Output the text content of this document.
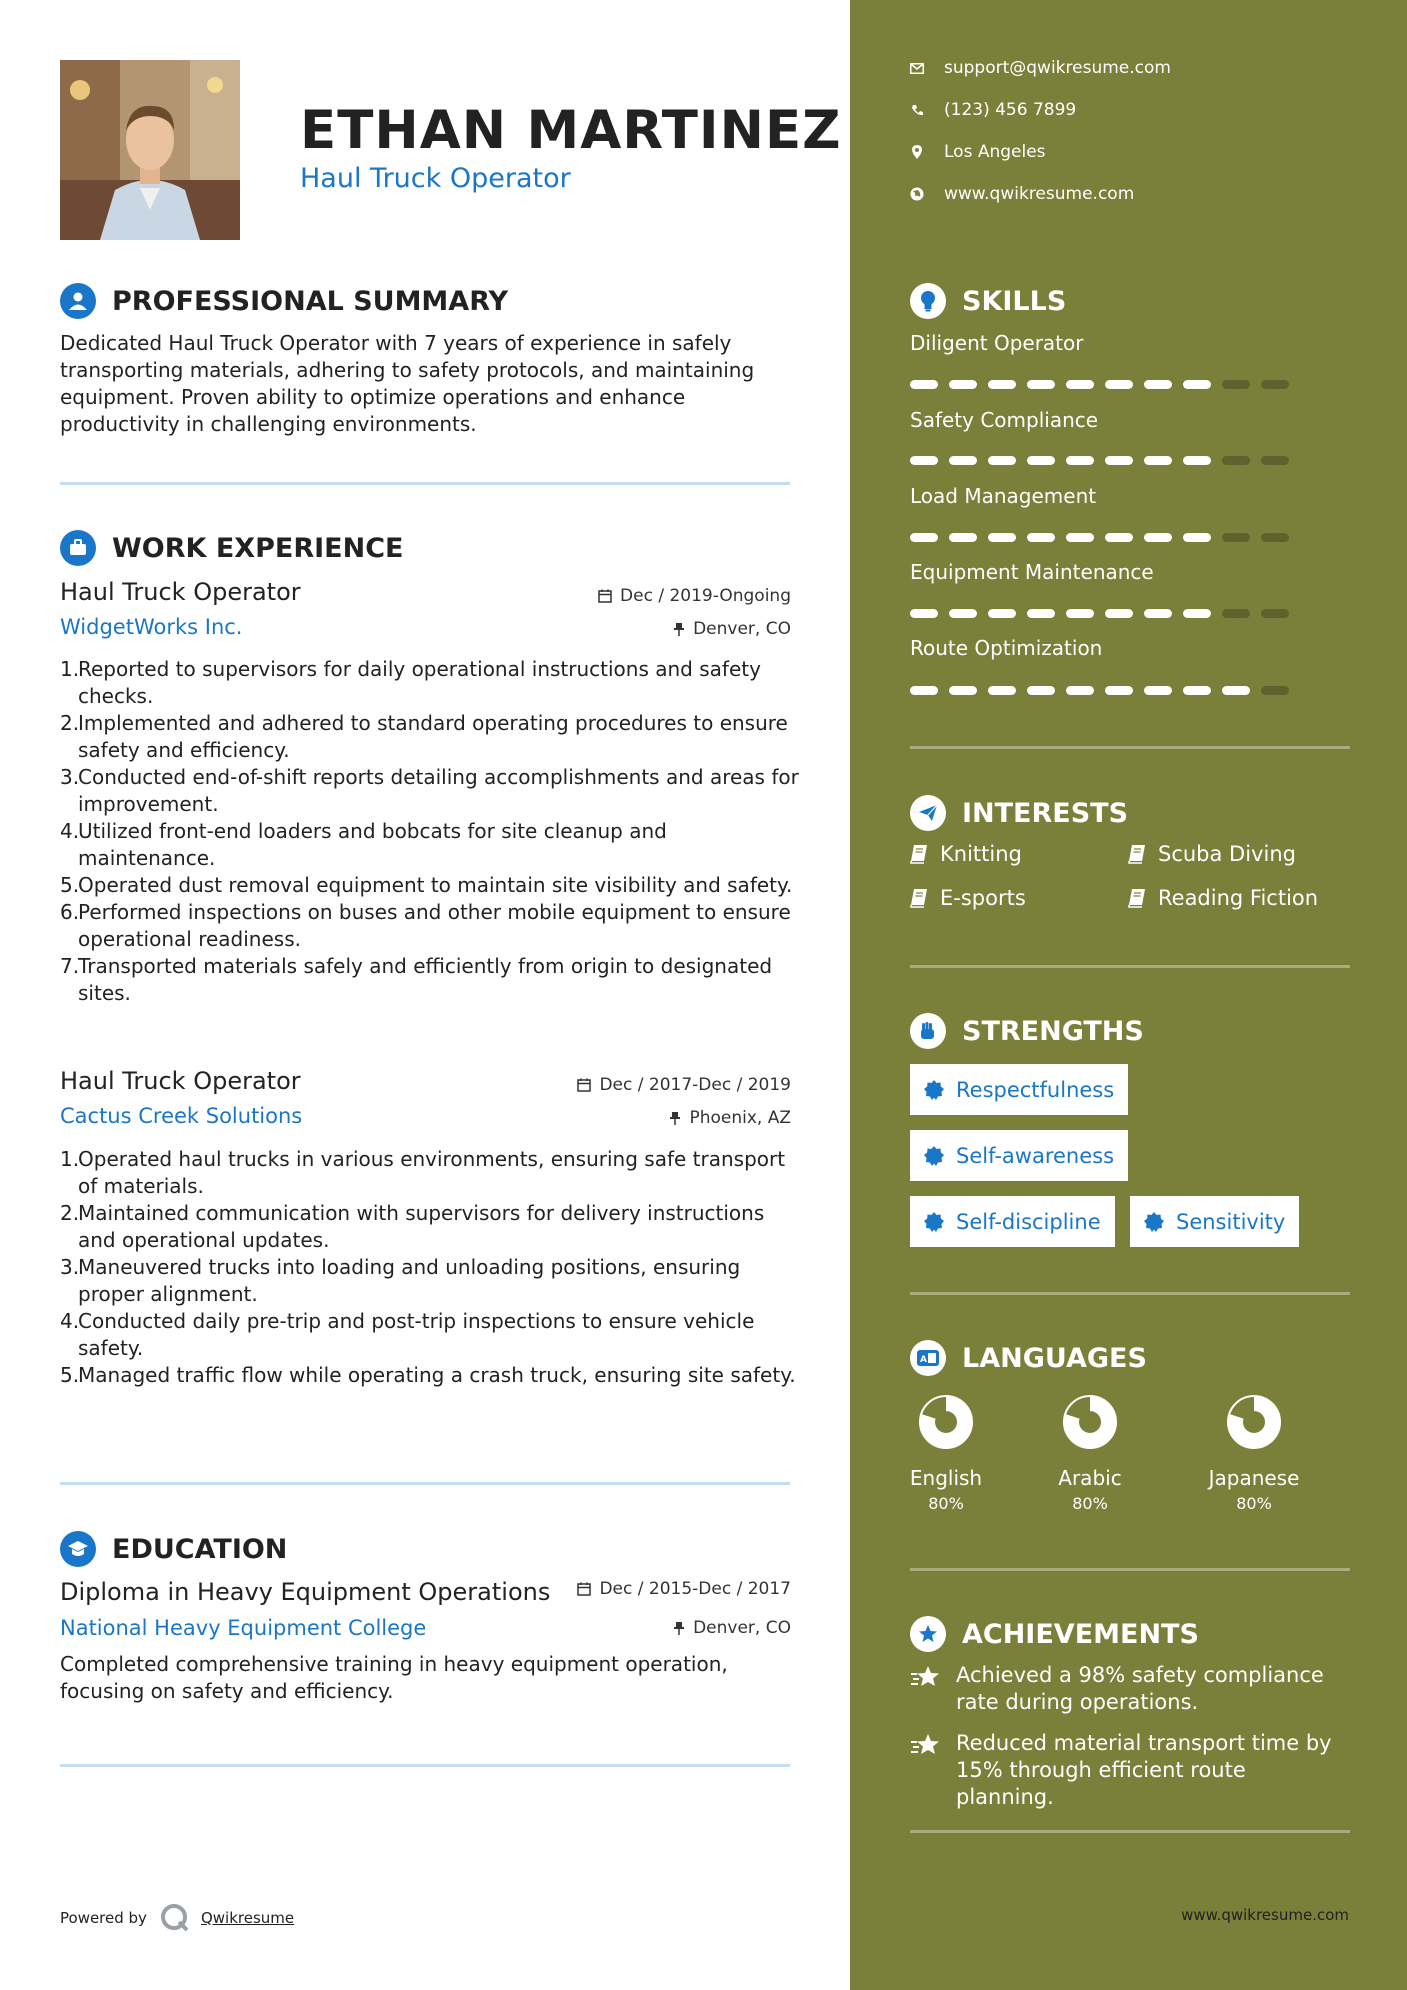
ETHAN MARTINEZ
Haul Truck Operator
PROFESSIONAL SUMMARY
Dedicated Haul Truck Operator with 7 years of experience in safely transporting materials, adhering to safety protocols, and maintaining equipment. Proven ability to optimize operations and enhance productivity in challenging environments.
WORK EXPERIENCE
Haul Truck Operator	Dec / 2019-Ongoing
WidgetWorks Inc.	Denver, CO
1.
Reported to supervisors for daily operational instructions and safety checks.
2.
Implemented and adhered to standard operating procedures to ensure safety and efficiency.
3.
Conducted end-of-shift reports detailing accomplishments and areas for improvement.
4.
Utilized front-end loaders and bobcats for site cleanup and maintenance.
5.
Operated dust removal equipment to maintain site visibility and safety.
6.
Performed inspections on buses and other mobile equipment to ensure operational readiness.
7.
Transported materials safely and efficiently from origin to designated sites.
Haul Truck Operator	Dec / 2017-Dec / 2019
Cactus Creek Solutions	Phoenix, AZ
1.
Operated haul trucks in various environments, ensuring safe transport of materials.
2.
Maintained communication with supervisors for delivery instructions and operational updates.
3.
Maneuvered trucks into loading and unloading positions, ensuring proper alignment.
4.
Conducted daily pre-trip and post-trip inspections to ensure vehicle safety.
5.
Managed traffic flow while operating a crash truck, ensuring site safety.
EDUCATION
Diploma in Heavy Equipment Operations	Dec / 2015-Dec / 2017
National Heavy Equipment College	Denver, CO
Completed comprehensive training in heavy equipment operation, focusing on safety and efficiency.
Powered by	Qwikresume
support@qwikresume.com
(123) 456 7899
Los Angeles
www.qwikresume.com
SKILLS
Diligent Operator
Safety Compliance
Load Management
Equipment Maintenance
Route Optimization
INTERESTS
Knitting	Scuba Diving
E-sports	Reading Fiction
STRENGTHS
Respectfulness
Self-awareness
Self-discipline	Sensitivity
A LANGUAGES
English
80%
Arabic
80%
Japanese
80%
ACHIEVEMENTS
Achieved a 98% safety compliance rate during operations.
Reduced material transport time by 15% through efficient route planning.
www.qwikresume.com
